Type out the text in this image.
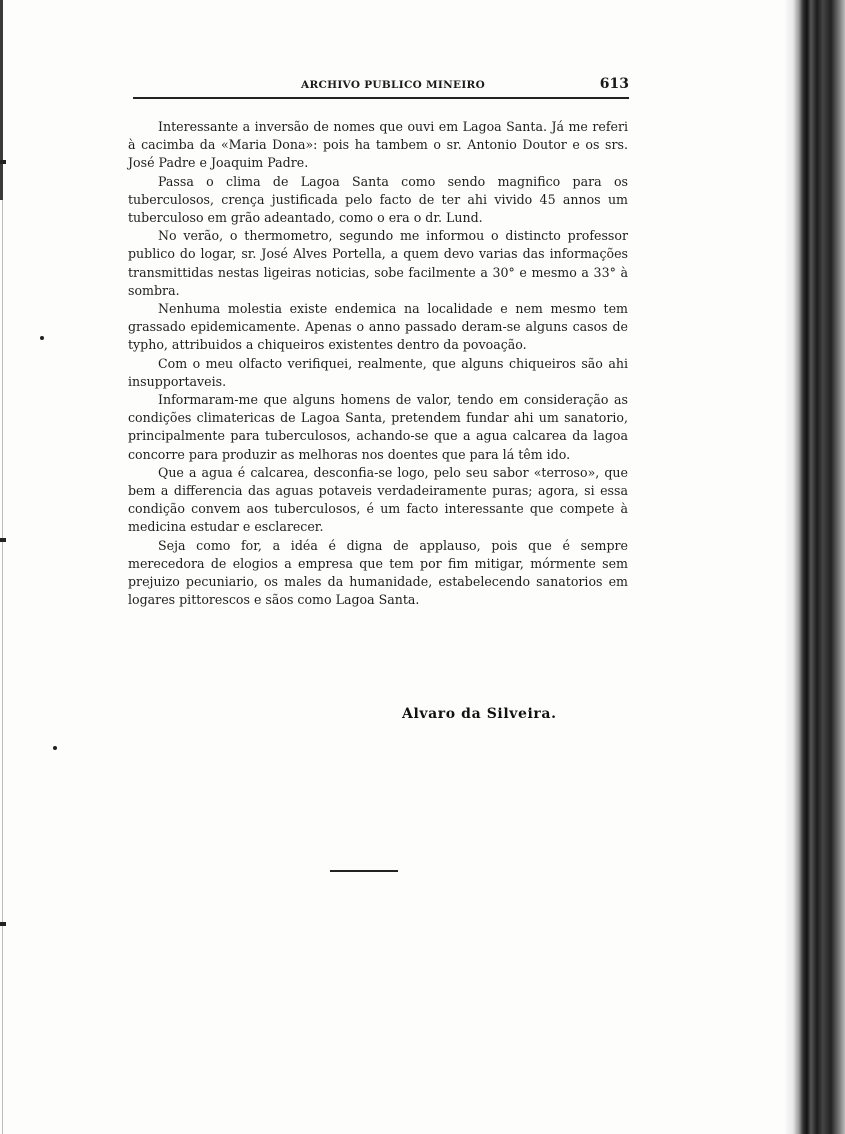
ARCHIVO PUBLICO MINEIRO	613

Interessante a inversão de nomes que ouvi em Lagoa Santa. Já me referi à cacimba da «Maria Dona»: pois ha tambem o sr. Antonio Doutor e os srs. José Padre e Joaquim Padre.

Passa o clima de Lagoa Santa como sendo magnifico para os tuberculosos, crença justificada pelo facto de ter ahi vivido 45 annos um tuberculoso em grão adeantado, como o era o dr. Lund.

No verão, o thermometro, segundo me informou o distincto professor publico do logar, sr. José Alves Portella, a quem devo varias das informações transmittidas nestas ligeiras noticias, sobe facilmente a 30° e mesmo a 33° à sombra.

Nenhuma molestia existe endemica na localidade e nem mesmo tem grassado epidemicamente. Apenas o anno passado deram-se alguns casos de typho, attribuidos a chiqueiros existentes dentro da povoação.

Com o meu olfacto verifiquei, realmente, que alguns chiqueiros são ahi insupportaveis.

Informaram-me que alguns homens de valor, tendo em consideração as condições climatericas de Lagoa Santa, pretendem fundar ahi um sanatorio, principalmente para tuberculosos, achando-se que a agua calcarea da lagoa concorre para produzir as melhoras nos doentes que para lá têm ido.

Que a agua é calcarea, desconfia-se logo, pelo seu sabor «terroso», que bem a differencia das aguas potaveis verdadeiramente puras; agora, si essa condição convem aos tuberculosos, é um facto interessante que compete à medicina estudar e esclarecer.

Seja como for, a idéa é digna de applauso, pois que é sempre merecedora de elogios a empresa que tem por fim mitigar, mórmente sem prejuizo pecuniario, os males da humanidade, estabelecendo sanatorios em logares pittorescos e sãos como Lagoa Santa.

Alvaro da Silveira.
